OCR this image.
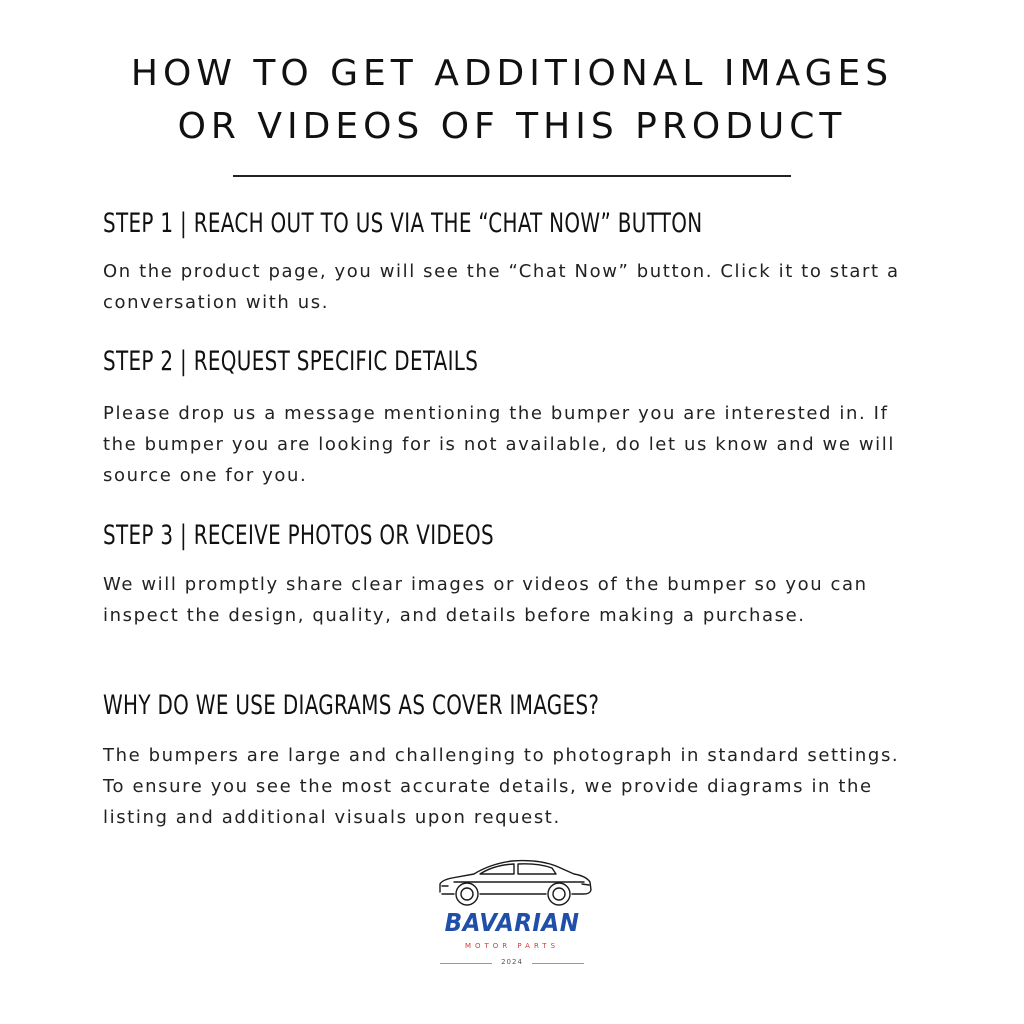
HOW TO GET ADDITIONAL IMAGES
OR VIDEOS OF THIS PRODUCT
STEP 1 | REACH OUT TO US VIA THE “CHAT NOW” BUTTON

On the product page, you will see the “Chat Now” button. Click it to start a conversation with us.

STEP 2 | REQUEST SPECIFIC DETAILS

Please drop us a message mentioning the bumper you are interested in. If the bumper you are looking for is not available, do let us know and we will source one for you.

STEP 3 | RECEIVE PHOTOS OR VIDEOS

We will promptly share clear images or videos of the bumper so you can inspect the design, quality, and details before making a purchase.

WHY DO WE USE DIAGRAMS AS COVER IMAGES?

The bumpers are large and challenging to photograph in standard settings. To ensure you see the most accurate details, we provide diagrams in the listing and additional visuals upon request.

BAVARIAN
MOTOR PARTS
2024
